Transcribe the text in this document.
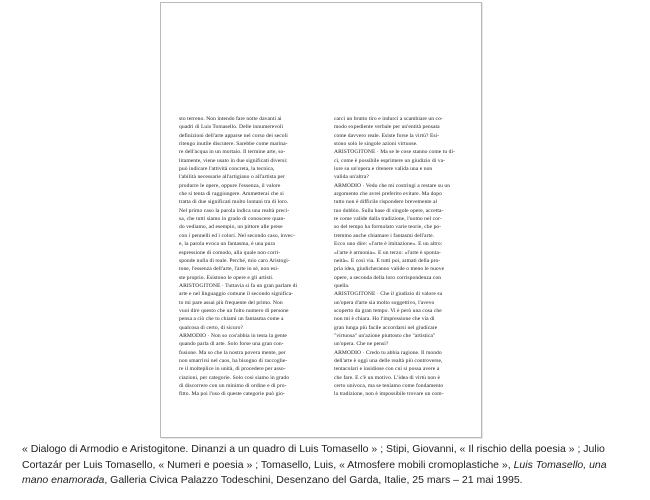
sto terreno. Non intendo fare notte davanti ai
quadri di Luis Tomasello. Delle innumerevoli
definizioni dell'arte apparse nel corso dei secoli
ritengo inutile discutere. Sarebbe come marina-
re dell'acqua in un mortaio. Il termine arte, so-
litamente, viene usato in due significati diversi:
può indicare l'attività concreta, la tecnica,
l'abilità necessarie all'artigiano o all'artista per
produrre le opere, oppure l'essenza, il valore
che si tenta di raggiungere. Ammetterai che si
tratta di due significati molto lontani tra di loro.
Nel primo caso la parola indica una realtà preci-
sa, che tutti siamo in grado di conoscere quan-
do vediamo, ad esempio, un pittore alle prese
con i pennelli ed i colori. Nel secondo caso, invec-
e, la parola evoca un fantasma, è una pura
espressione di comodo, alla quale non corri-
sponde nulla di reale. Perché, mio caro Aristogi-
tone, l'essenza dell'arte, l'arte in sé, non esi-
ste proprio. Esistono le opere e gli artisti.
ARISTOGITONE · Tuttavia si fa un gran parlare di
arte e nel linguaggio comune il secondo significa-
to mi pare assai più frequente del primo. Non
vuoi dire questo che un folto numero di persone
pensa a ciò che tu chiami un fantasma come a
qualcosa di certo, di sicuro?
ARMODIO · Non so cos'abbia in testa la gente
quando parla di arte. Solo forse una gran con-
fusione. Ma so che la nostra povera mente, per
non smarrirsi nel caos, ha bisogno di raccoglie-
re il molteplice in unità, di procedere per asso-
ciazioni, per categorie. Solo così siamo in grado
di discorrere con un minimo di ordine e di pro-
fitto. Ma poi l'uso di queste categorie può gio-
carci un brutto tiro e indurci a scambiare un co-
modo expediente verbale per un'entità pensata
come davvero reale. Esiste forse la virtù? Esi-
stono solo le singole azioni virtuose.
ARISTOGITONE · Ma se le cose stanno come tu di-
ci, come è possibile esprimere un giudizio di va-
lore su un'opera e ritenere valida una e non
valida un'altra?
ARMODIO · Vedo che mi costringi a restare su un
argomento che avrei preferito evitare. Ma dopo
tutto non è difficile rispondere brevemente al
tuo dubbio. Sulla base di singole opere, accetta-
te come valide dalla tradizione, l'uomo nel cor-
so del tempo ha formulato varie teorie, che po-
tremmo anche chiamare i fantasmi dell'arte.
Ecco uno dire: «l'arte è imitazione». E un altro:
«l'arte è armonia». E un terzo: «l'arte è sponta-
neità». E così via. E tutti poi, armati della pro-
pria idea, giudicheranno valide o meno le nuove
opere, a seconda della loro corrispondenza con
quella.
ARISTOGITONE · Che il giudizio di valore su
un'opera d'arte sia molto soggettivo, l'avevo
scoperto da gran tempo. Vi è però una cosa che
non mi è chiara. Ho l'impressione che via di
gran lunga più facile accordarsi nel giudicare
"virtuosa" un'azione piuttosto che "artistica"
un'opera. Che ne pensi?
ARMODIO · Credo tu abbia ragione. Il mondo
dell'arte è oggi una delle realtà più controverse,
tentacolari e insidiose con cui si possa avere a
che fare. E c'è un motivo. L'idea di virtù non è
certo univoca, ma se teniamo come fondamento
la tradizione, non è impossibile trovare un com-
« Dialogo di Armodio e Aristogitone. Dinanzi a un quadro di Luis Tomasello » ; Stipi, Giovanni, « Il rischio della poesia » ; Julio Cortazár per Luis Tomasello, « Numeri e poesia » ; Tomasello, Luis, « Atmosfere mobili cromoplastiche », Luis Tomasello, una mano enamorada, Galleria Civica Palazzo Todeschini, Desenzano del Garda, Italie, 25 mars – 21 mai 1995.
